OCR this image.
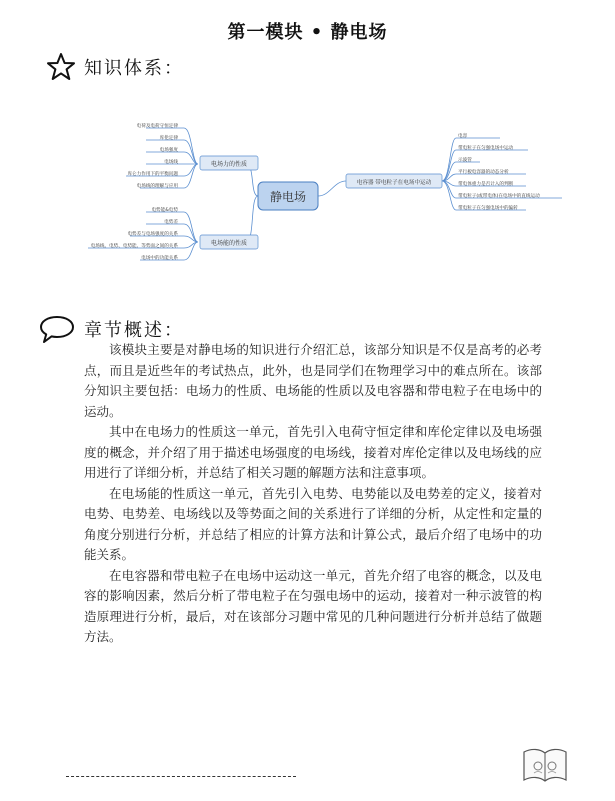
第一模块 • 静电场
知识体系：
静电场
电场力的性质
电荷及电荷守恒定律
库伦定律
电场强度
电场线
库仑力作用下的平衡问题
电场线的理解与应用
电场能的性质
电势能&电势
电势差
电势差与电场强度的关系
电场线、电势、电势能、等势面之间的关系
电场中的功能关系
电容器 带电粒子在电场中运动
电容
带电粒子在匀强电场中运动
示波管
平行板电容器的动态分析
带电体重力是否计入的判断
带电粒子(或带电体)在电场中的直线运动
带电粒子在匀强电场中的偏转
章节概述：

该模块主要是对静电场的知识进行介绍汇总，该部分知识是不仅是高考的必考点，而且是近些年的考试热点，此外，也是同学们在物理学习中的难点所在。该部分知识主要包括：电场力的性质、电场能的性质以及电容器和带电粒子在电场中的运动。

其中在电场力的性质这一单元，首先引入电荷守恒定律和库伦定律以及电场强度的概念，并介绍了用于描述电场强度的电场线，接着对库伦定律以及电场线的应用进行了详细分析，并总结了相关习题的解题方法和注意事项。

在电场能的性质这一单元，首先引入电势、电势能以及电势差的定义，接着对电势、电势差、电场线以及等势面之间的关系进行了详细的分析，从定性和定量的角度分别进行分析，并总结了相应的计算方法和计算公式，最后介绍了电场中的功能关系。

在电容器和带电粒子在电场中运动这一单元，首先介绍了电容的概念，以及电容的影响因素，然后分析了带电粒子在匀强电场中的运动，接着对一种示波管的构造原理进行分析，最后，对在该部分习题中常见的几种问题进行分析并总结了做题方法。
